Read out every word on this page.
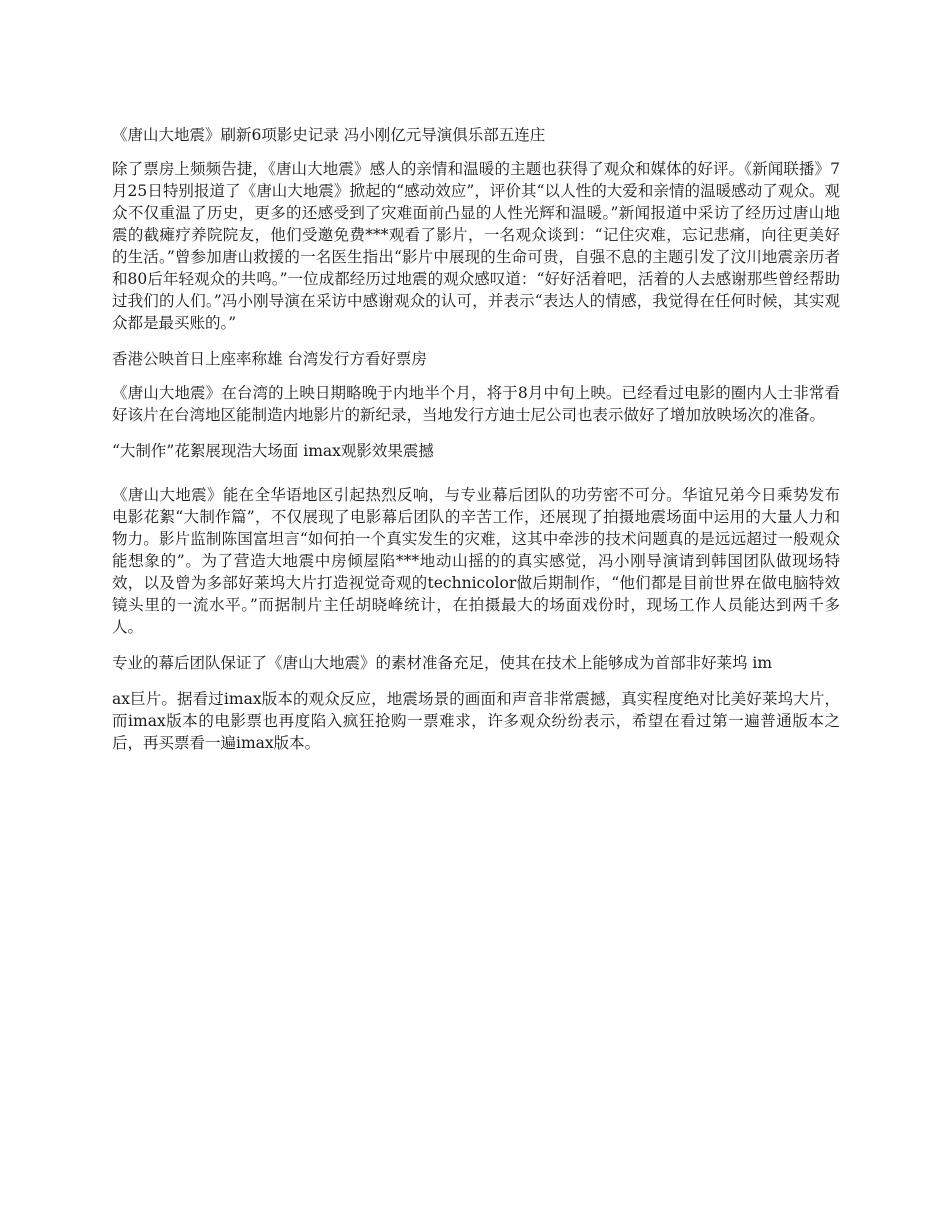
《唐山大地震》刷新6项影史记录 冯小刚亿元导演俱乐部五连庄

除了票房上频频告捷，《唐山大地震》感人的亲情和温暖的主题也获得了观众和媒体的好评。《新闻联播》7月25日特别报道了《唐山大地震》掀起的“感动效应”，评价其“以人性的大爱和亲情的温暖感动了观众。观众不仅重温了历史，更多的还感受到了灾难面前凸显的人性光辉和温暖。”新闻报道中采访了经历过唐山地震的截瘫疗养院院友，他们受邀免费***观看了影片，一名观众谈到：“记住灾难，忘记悲痛，向往更美好的生活。”曾参加唐山救援的一名医生指出“影片中展现的生命可贵，自强不息的主题引发了汶川地震亲历者和80后年轻观众的共鸣。”一位成都经历过地震的观众感叹道：“好好活着吧，活着的人去感谢那些曾经帮助过我们的人们。”冯小刚导演在采访中感谢观众的认可，并表示“表达人的情感，我觉得在任何时候，其实观众都是最买账的。”

香港公映首日上座率称雄 台湾发行方看好票房

《唐山大地震》在台湾的上映日期略晚于内地半个月，将于8月中旬上映。已经看过电影的圈内人士非常看好该片在台湾地区能制造内地影片的新纪录，当地发行方迪士尼公司也表示做好了增加放映场次的准备。

“大制作”花絮展现浩大场面 imax观影效果震撼

《唐山大地震》能在全华语地区引起热烈反响，与专业幕后团队的功劳密不可分。华谊兄弟今日乘势发布电影花絮“大制作篇”，不仅展现了电影幕后团队的辛苦工作，还展现了拍摄地震场面中运用的大量人力和物力。影片监制陈国富坦言“如何拍一个真实发生的灾难，这其中牵涉的技术问题真的是远远超过一般观众能想象的”。为了营造大地震中房倾屋陷***地动山摇的的真实感觉，冯小刚导演请到韩国团队做现场特效，以及曾为多部好莱坞大片打造视觉奇观的technicolor做后期制作，“他们都是目前世界在做电脑特效镜头里的一流水平。”而据制片主任胡晓峰统计，在拍摄最大的场面戏份时，现场工作人员能达到两千多人。

专业的幕后团队保证了《唐山大地震》的素材准备充足，使其在技术上能够成为首部非好莱坞 im

ax巨片。据看过imax版本的观众反应，地震场景的画面和声音非常震撼，真实程度绝对比美好莱坞大片，而imax版本的电影票也再度陷入疯狂抢购一票难求，许多观众纷纷表示，希望在看过第一遍普通版本之后，再买票看一遍imax版本。
